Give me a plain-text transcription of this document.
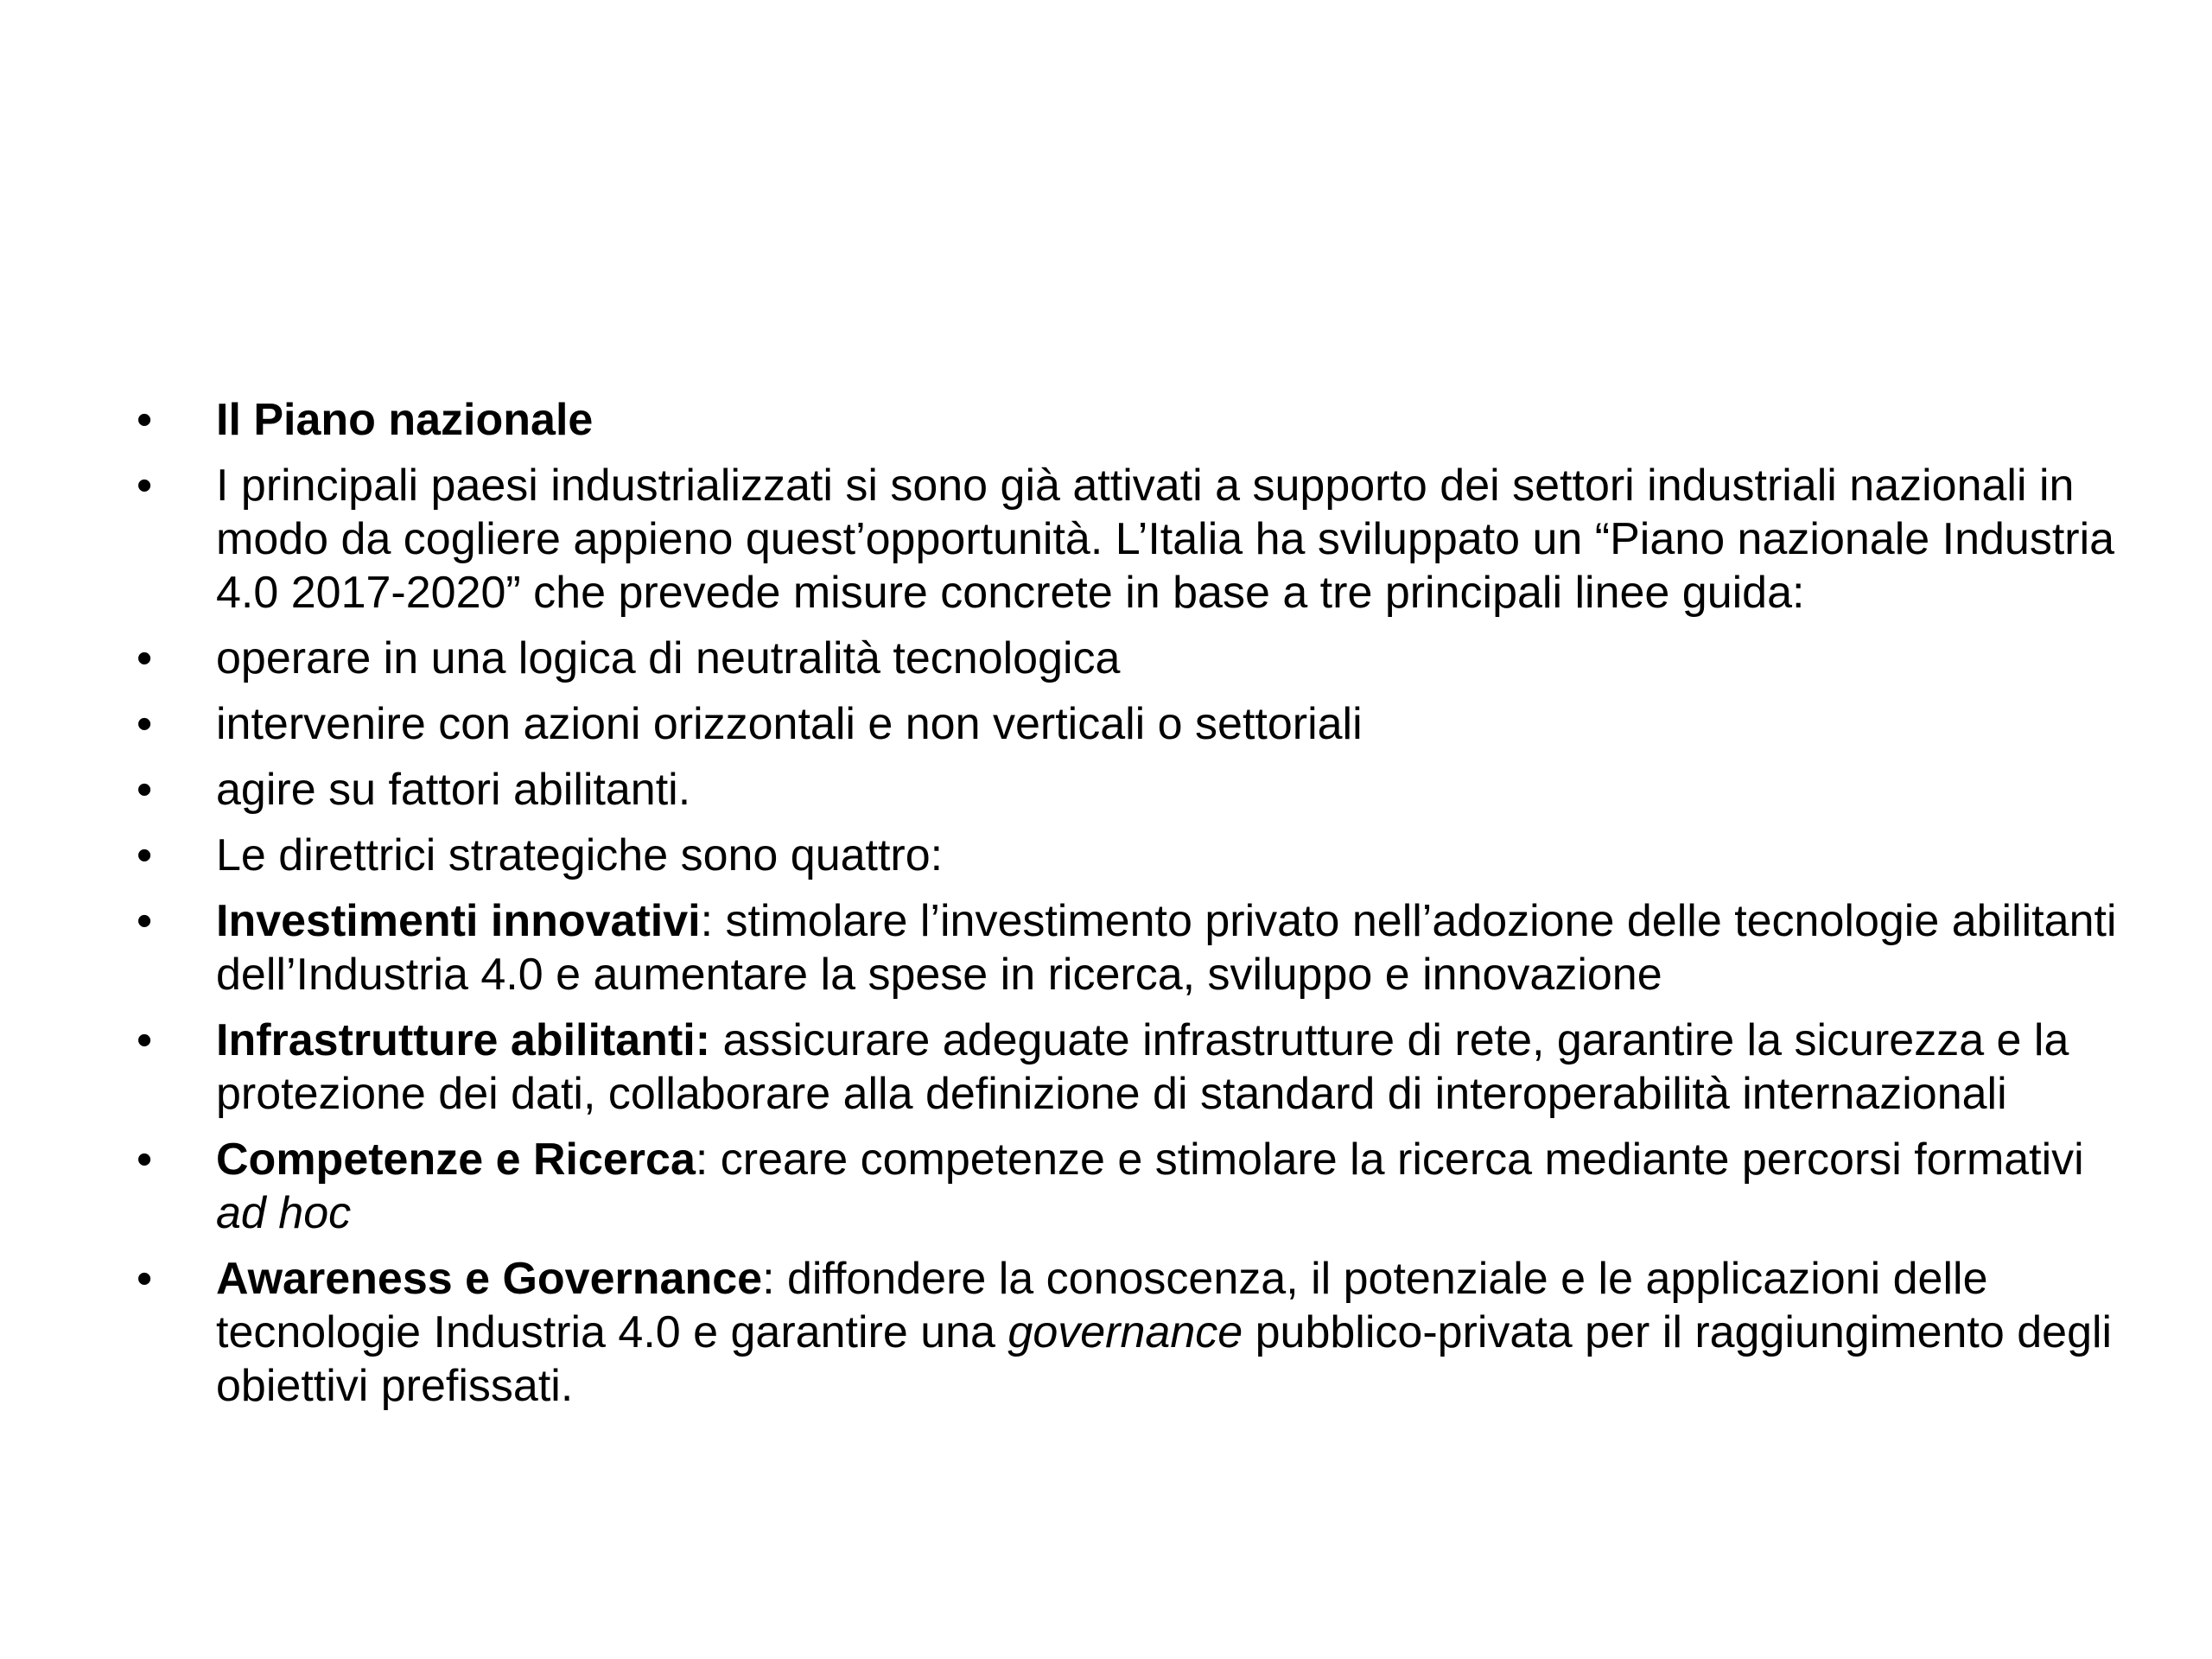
•	Il Piano nazionale
•	I principali paesi industrializzati si sono già attivati a supporto dei settori industriali nazionali in modo da cogliere appieno quest’opportunità. L’Italia ha sviluppato un “Piano nazionale Industria 4.0 2017-2020” che prevede misure concrete in base a tre principali linee guida:
•	operare in una logica di neutralità tecnologica
•	intervenire con azioni orizzontali e non verticali o settoriali
•	agire su fattori abilitanti.
•	Le direttrici strategiche sono quattro:
•	Investimenti innovativi: stimolare l’investimento privato nell’adozione delle tecnologie abilitanti dell’Industria 4.0 e aumentare la spese in ricerca, sviluppo e innovazione
•	Infrastrutture abilitanti: assicurare adeguate infrastrutture di rete, garantire la sicurezza e la protezione dei dati, collaborare alla definizione di standard di interoperabilità internazionali
•	Competenze e Ricerca: creare competenze e stimolare la ricerca mediante percorsi formativi ad hoc
•	Awareness e Governance: diffondere la conoscenza, il potenziale e le applicazioni delle tecnologie Industria 4.0 e garantire una governance pubblico-privata per il raggiungimento degli obiettivi prefissati.
